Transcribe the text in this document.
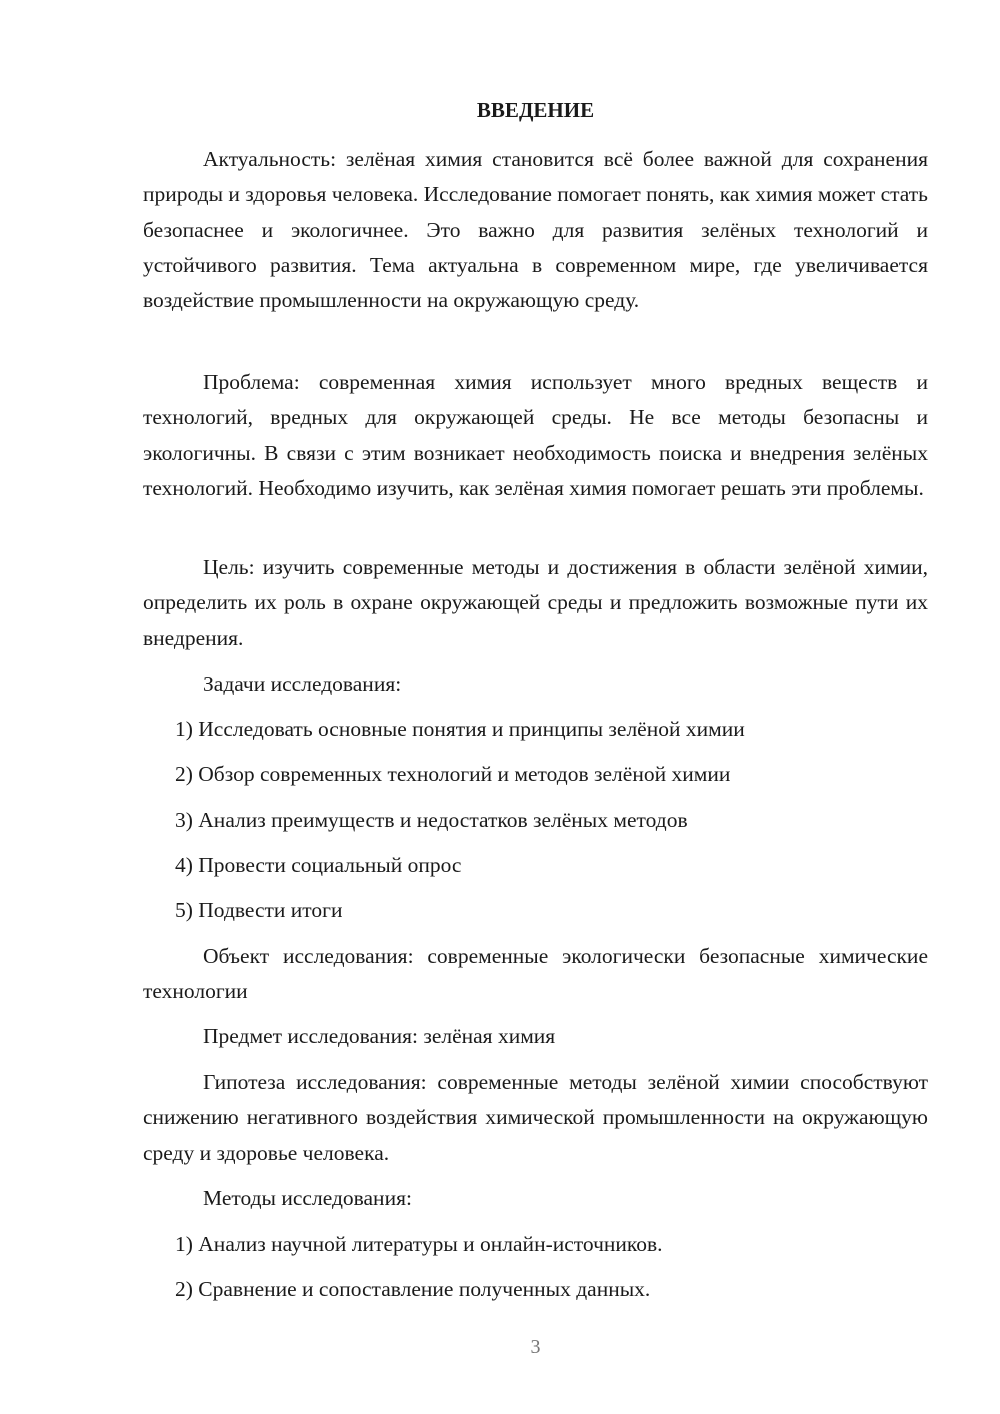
ВВЕДЕНИЕ

Актуальность: зелёная химия становится всё более важной для сохранения природы и здоровья человека. Исследование помогает понять, как химия может стать безопаснее и экологичнее. Это важно для развития зелёных технологий и устойчивого развития. Тема актуальна в современном мире, где увеличивается воздействие промышленности на окружающую среду.

Проблема: современная химия использует много вредных веществ и технологий, вредных для окружающей среды. Не все методы безопасны и экологичны. В связи с этим возникает необходимость поиска и внедрения зелёных технологий. Необходимо изучить, как зелёная химия помогает решать эти проблемы.

Цель: изучить современные методы и достижения в области зелёной химии, определить их роль в охране окружающей среды и предложить возможные пути их внедрения.

Задачи исследования:

1) Исследовать основные понятия и принципы зелёной химии

2) Обзор современных технологий и методов зелёной химии

3) Анализ преимуществ и недостатков зелёных методов

4) Провести социальный опрос

5) Подвести итоги

Объект исследования: современные экологически безопасные химические технологии

Предмет исследования: зелёная химия

Гипотеза исследования: современные методы зелёной химии способствуют снижению негативного воздействия химической промышленности на окружающую среду и здоровье человека.

Методы исследования:

1) Анализ научной литературы и онлайн-источников.

2) Сравнение и сопоставление полученных данных.

3
